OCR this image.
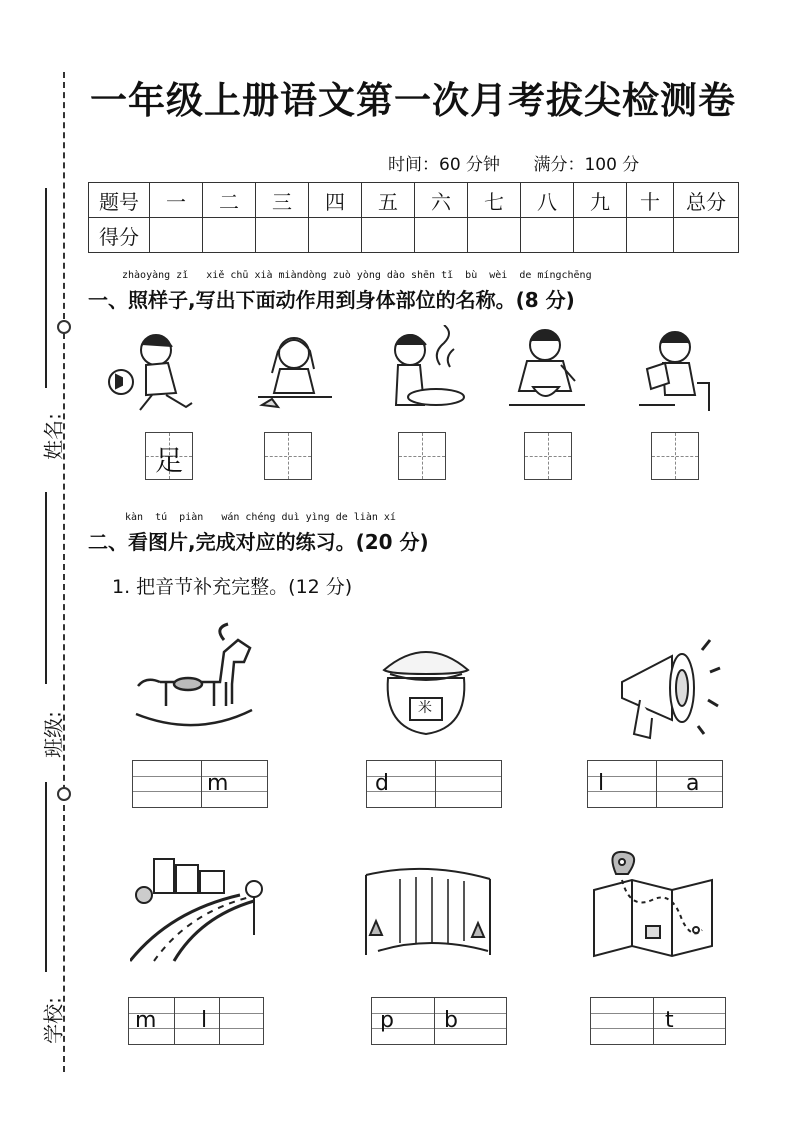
姓名:
班级:
学校:
一年级上册语文第一次月考拔尖检测卷
时间：60 分钟 满分：100 分
题号	一	二	三	四	五	六	七	八	九	十	总分
得分											
zhàoyàng zǐ   xiě chū xià miàndòng zuò yòng dào shēn tǐ  bù  wèi  de míngchēng
一、照样子,写出下面动作用到身体部位的名称。(8 分)
足
kàn  tú  piàn   wán chéng duì yìng de liàn xí
二、看图片,完成对应的练习。(20 分)
1. 把音节补充完整。(12 分)
米
m	d	l	a
m l	p b	t
